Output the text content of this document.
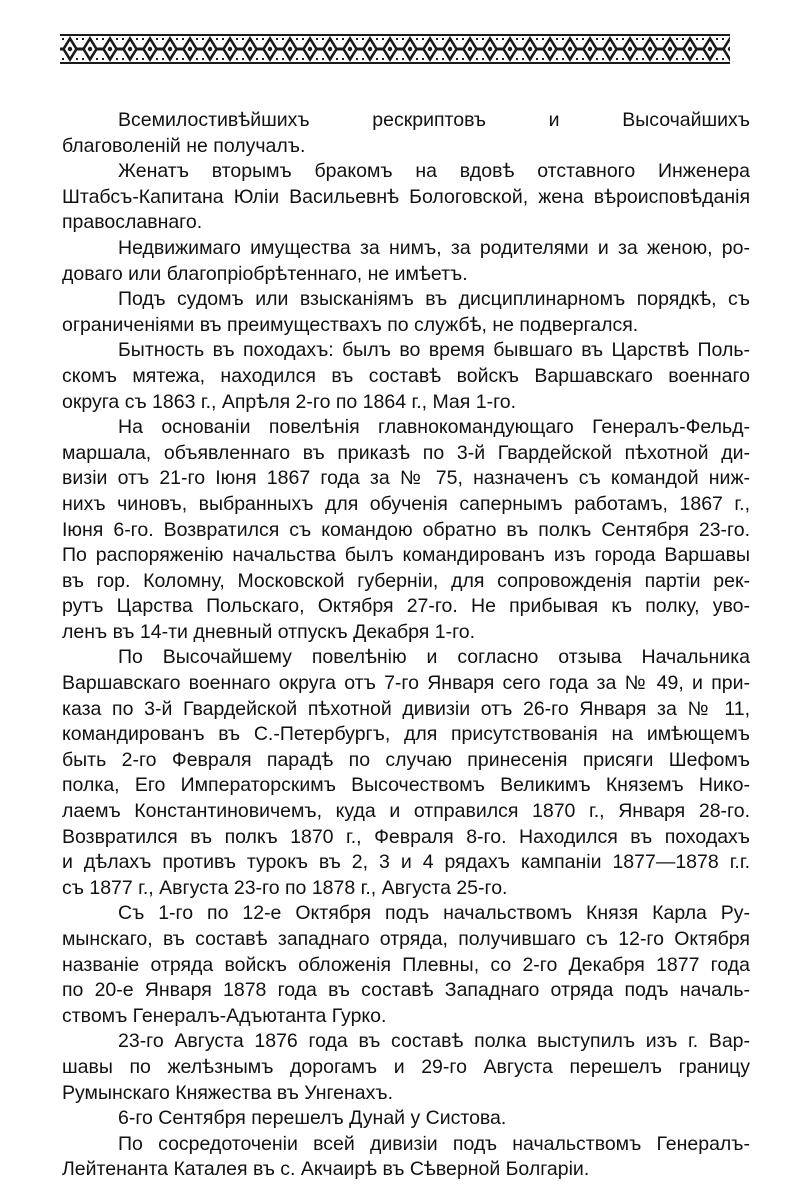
Всемилостивѣйшихъ рескриптовъ и Высочайшихъ
благоволеній не получалъ.
Женатъ вторымъ бракомъ на вдовѣ отставного Инженера
Штабсъ-Капитана Юліи Васильевнѣ Бологовской, жена вѣроисповѣданія
православнаго.
Недвижимаго имущества за нимъ, за родителями и за женою, ро-
доваго или благопріобрѣтеннаго, не имѣетъ.
Подъ судомъ или взысканіямъ въ дисциплинарномъ порядкѣ, съ
ограниченіями въ преимуществахъ по службѣ, не подвергался.
Бытность въ походахъ: былъ во время бывшаго въ Царствѣ Поль-
скомъ мятежа, находился въ составѣ войскъ Варшавскаго военнаго
округа съ 1863 г., Апрѣля 2-го по 1864 г., Мая 1-го.
На основаніи повелѣнія главнокомандующаго Генералъ-Фельд-
маршала, объявленнаго въ приказѣ по 3-й Гвардейской пѣхотной ди-
визіи отъ 21-го Іюня 1867 года за № 75, назначенъ съ командой ниж-
нихъ чиновъ, выбранныхъ для обученія сапернымъ работамъ, 1867 г.,
Іюня 6-го. Возвратился съ командою обратно въ полкъ Сентября 23-го.
По распоряженію начальства былъ командированъ изъ города Варшавы
въ гор. Коломну, Московской губерніи, для сопровожденія партіи рек-
рутъ Царства Польскаго, Октября 27-го. Не прибывая къ полку, уво-
ленъ въ 14-ти дневный отпускъ Декабря 1-го.
По Высочайшему повелѣнію и согласно отзыва Начальника
Варшавскаго военнаго округа отъ 7-го Января сего года за № 49, и при-
каза по 3-й Гвардейской пѣхотной дивизіи отъ 26-го Января за № 11,
командированъ въ С.-Петербургъ, для присутствованія на имѣющемъ
быть 2-го Февраля парадѣ по случаю принесенія присяги Шефомъ
полка, Его Императорскимъ Высочествомъ Великимъ Княземъ Нико-
лаемъ Константиновичемъ, куда и отправился 1870 г., Января 28-го.
Возвратился въ полкъ 1870 г., Февраля 8-го. Находился въ походахъ
и дѣлахъ противъ турокъ въ 2, 3 и 4 рядахъ кампаніи 1877—1878 г.г.
съ 1877 г., Августа 23-го по 1878 г., Августа 25-го.
Съ 1-го по 12-е Октября подъ начальствомъ Князя Карла Ру-
мынскаго, въ составѣ западнаго отряда, получившаго съ 12-го Октября
названіе отряда войскъ обложенія Плевны, со 2-го Декабря 1877 года
по 20-е Января 1878 года въ составѣ Западнаго отряда подъ началь-
ствомъ Генералъ-Адъютанта Гурко.
23-го Августа 1876 года въ составѣ полка выступилъ изъ г. Вар-
шавы по желѣзнымъ дорогамъ и 29-го Августа перешелъ границу
Румынскаго Княжества въ Унгенахъ.
6-го Сентября перешелъ Дунай у Систова.
По сосредоточеніи всей дивизіи подъ начальствомъ Генералъ-
Лейтенанта Каталея въ с. Акчаирѣ въ Сѣверной Болгаріи.
